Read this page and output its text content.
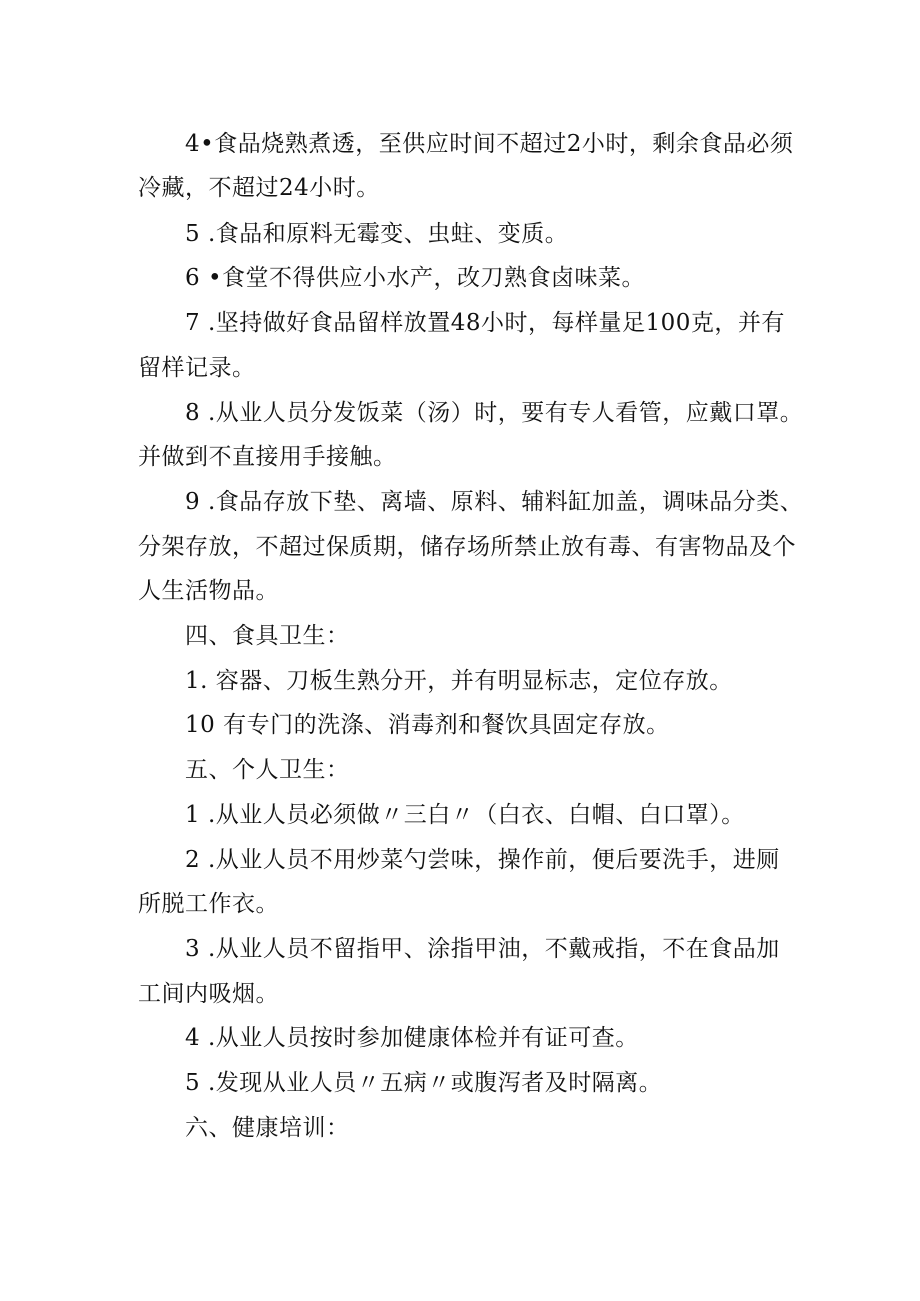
4•食品烧熟煮透，至供应时间不超过2小时，剩余食品必须
冷藏，不超过24小时。
5 .食品和原料无霉变、虫蛀、变质。
6 •食堂不得供应小水产，改刀熟食卤味菜。
7 .坚持做好食品留样放置48小时，每样量足100克，并有
留样记录。
8 .从业人员分发饭菜（汤）时，要有专人看管，应戴口罩。
并做到不直接用手接触。
9 .食品存放下垫、离墙、原料、辅料缸加盖，调味品分类、
分架存放，不超过保质期，储存场所禁止放有毒、有害物品及个
人生活物品。
四、食具卫生：
1. 容器、刀板生熟分开，并有明显标志，定位存放。
10 有专门的洗涤、消毒剂和餐饮具固定存放。
五、个人卫生：
1 .从业人员必须做〃三白〃（白衣、白帽、白口罩）。
2 .从业人员不用炒菜勺尝味，操作前，便后要洗手，进厕
所脱工作衣。
3 .从业人员不留指甲、涂指甲油，不戴戒指，不在食品加
工间内吸烟。
4 .从业人员按时参加健康体检并有证可查。
5 .发现从业人员〃五病〃或腹泻者及时隔离。
六、健康培训：
